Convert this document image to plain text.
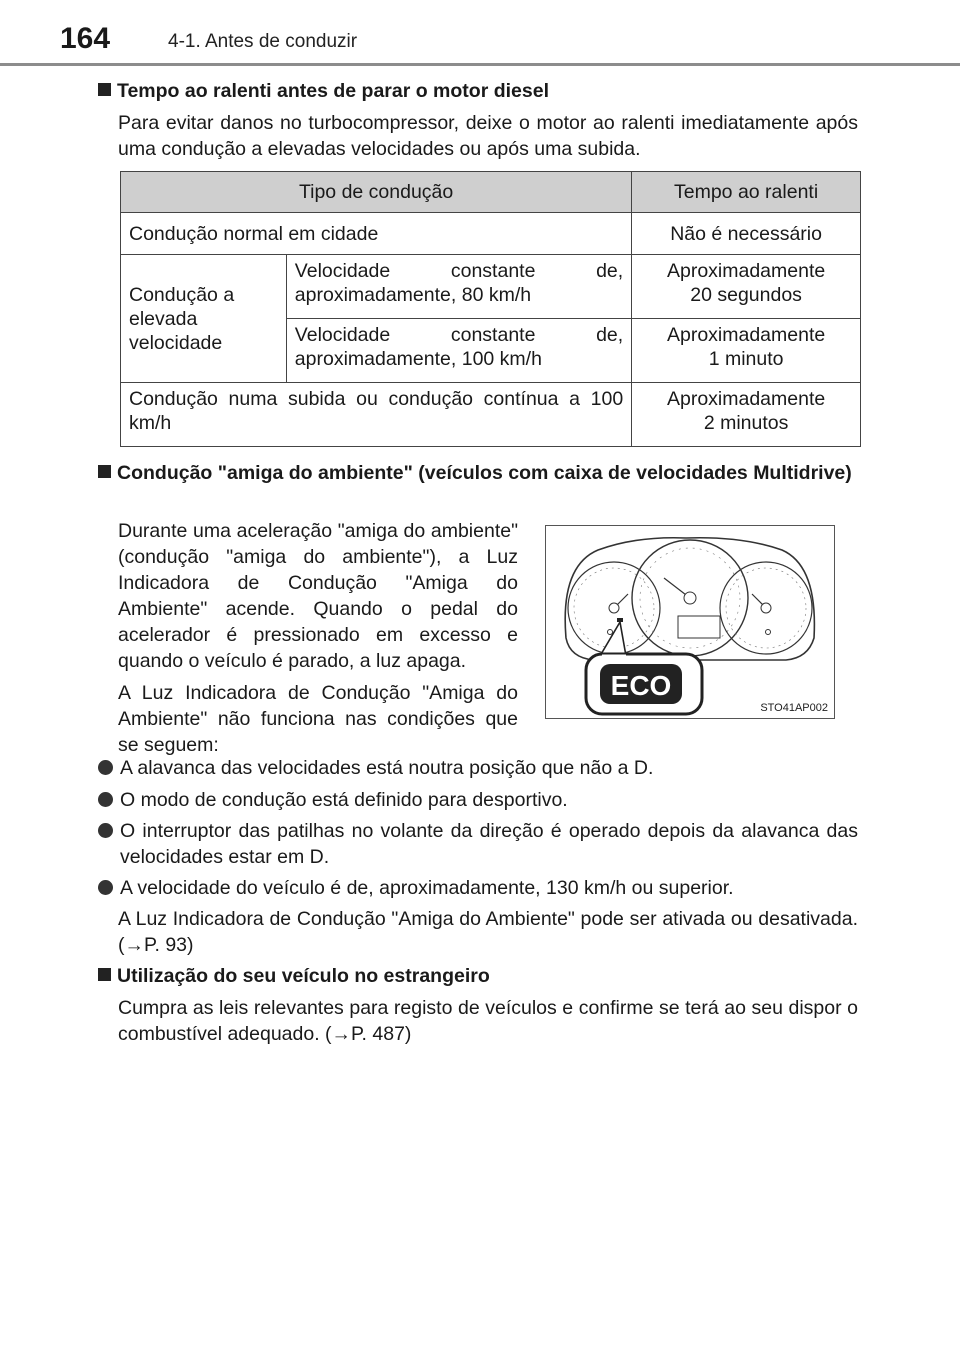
164	4-1. Antes de conduzir
Tempo ao ralenti antes de parar o motor diesel
Para evitar danos no turbocompressor, deixe o motor ao ralenti imediatamente após uma condução a elevadas velocidades ou após uma subida.
Tipo de condução		Tempo ao ralenti
Condução normal em cidade		Não é necessário
Condução a elevada velocidade	Velocidade constante de, aproximadamente, 80 km/h	Aproximadamente
20 segundos
	Velocidade constante de, aproximadamente, 100 km/h	Aproximadamente
1 minuto
Condução numa subida ou condução contínua a 100 km/h		Aproximadamente
2 minutos
Condução "amiga do ambiente" (veículos com caixa de velocidades Multidrive)
Durante uma aceleração "amiga do ambiente" (condução "amiga do ambiente"), a Luz Indicadora de Condução "Amiga do Ambiente" acende. Quando o pedal do acelerador é pressionado em excesso e quando o veículo é parado, a luz apaga.
A Luz Indicadora de Condução "Amiga do Ambiente" não funciona nas condições que se seguem:
ECO
STO41AP002
A alavanca das velocidades está noutra posição que não a D.
O modo de condução está definido para desportivo.
O interruptor das patilhas no volante da direção é operado depois da alavanca das velocidades estar em D.
A velocidade do veículo é de, aproximadamente, 130 km/h ou superior.
A Luz Indicadora de Condução "Amiga do Ambiente" pode ser ativada ou desativada. (→P. 93)
Utilização do seu veículo no estrangeiro
Cumpra as leis relevantes para registo de veículos e confirme se terá ao seu dispor o combustível adequado. (→P. 487)
